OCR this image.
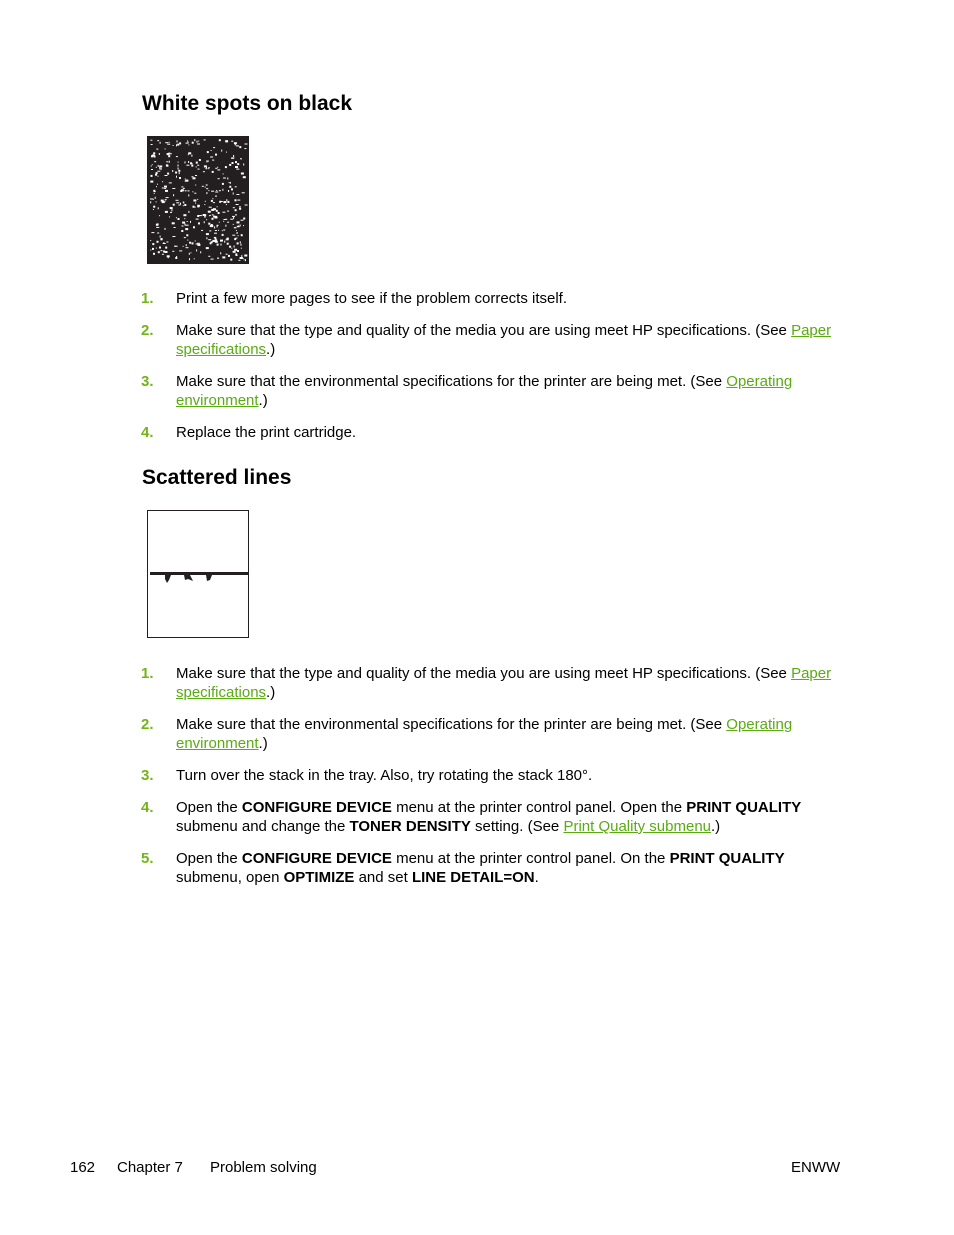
White spots on black
1. Print a few more pages to see if the problem corrects itself.
2. Make sure that the type and quality of the media you are using meet HP specifications. (See Paper specifications.)
3. Make sure that the environmental specifications for the printer are being met. (See Operating environment.)
4. Replace the print cartridge.
Scattered lines
1. Make sure that the type and quality of the media you are using meet HP specifications. (See Paper specifications.)
2. Make sure that the environmental specifications for the printer are being met. (See Operating environment.)
3. Turn over the stack in the tray. Also, try rotating the stack 180°.
4. Open the CONFIGURE DEVICE menu at the printer control panel. Open the PRINT QUALITY submenu and change the TONER DENSITY setting. (See Print Quality submenu.)
5. Open the CONFIGURE DEVICE menu at the printer control panel. On the PRINT QUALITY submenu, open OPTIMIZE and set LINE DETAIL=ON.
162 Chapter 7 Problem solving	ENWW
